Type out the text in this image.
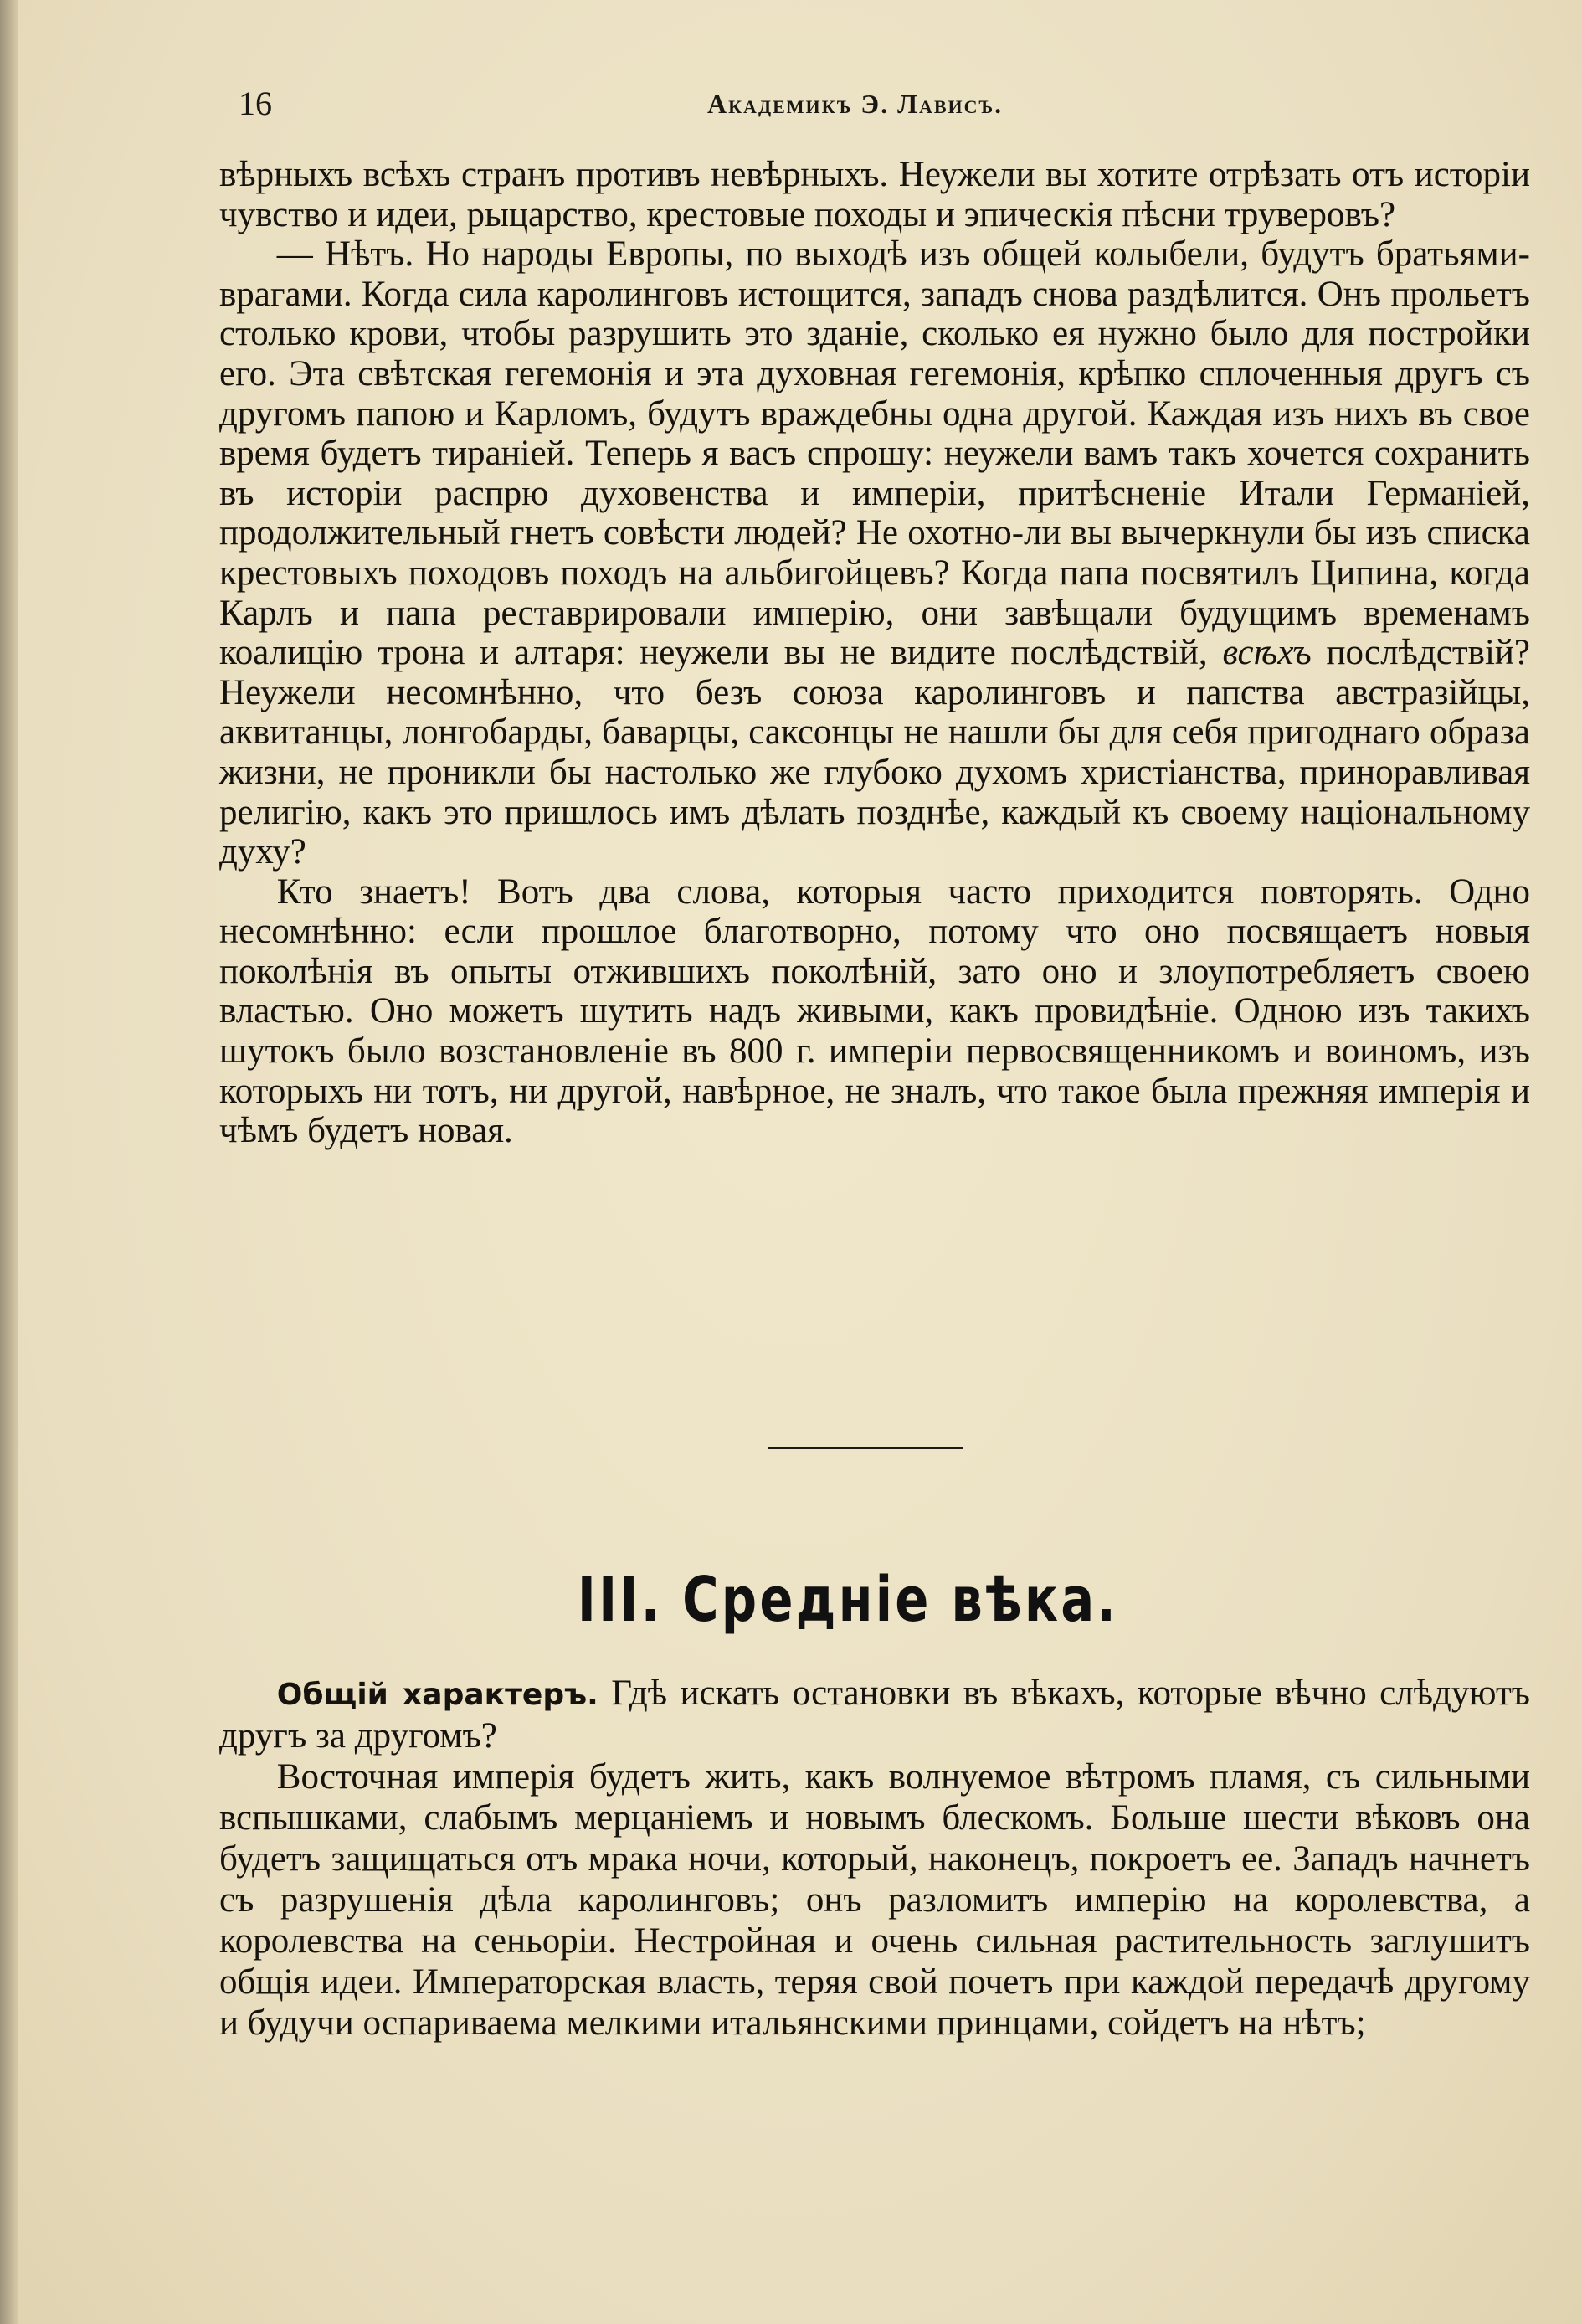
16	Академикъ Э. Лависъ.

вѣрныхъ всѣхъ странъ противъ невѣрныхъ. Неужели вы хотите отрѣзать отъ исторіи чувство и идеи, рыцарство, крестовые походы и эпическія пѣсни труверовъ?

— Нѣтъ. Но народы Европы, по выходѣ изъ общей колыбели, будутъ братьями-врагами. Когда сила каролинговъ истощится, западъ снова раздѣлится. Онъ прольетъ столько крови, чтобы разрушить это зданіе, сколько ея нужно было для постройки его. Эта свѣтская гегемонія и эта духовная гегемонія, крѣпко сплоченныя другъ съ другомъ папою и Карломъ, будутъ враждебны одна другой. Каждая изъ нихъ въ свое время будетъ тираніей. Теперь я васъ спрошу: неужели вамъ такъ хочется сохранить въ исторіи распрю духовенства и имперіи, притѣсненіе Итали Германіей, продолжительный гнетъ совѣсти людей? Не охотно-ли вы вычеркнули бы изъ списка крестовыхъ походовъ походъ на альбигойцевъ? Когда папа посвятилъ Ципина, когда Карлъ и папа реставрировали имперію, они завѣщали будущимъ временамъ коалицію трона и алтаря: неужели вы не видите послѣдствій, всѣхъ послѣдствій? Неужели несомнѣнно, что безъ союза каролинговъ и папства австразійцы, аквитанцы, лонгобарды, баварцы, саксонцы не нашли бы для себя пригоднаго образа жизни, не проникли бы настолько же глубоко духомъ христіанства, приноравливая религію, какъ это пришлось имъ дѣлать позднѣе, каждый къ своему національному духу?

Кто знаетъ! Вотъ два слова, которыя часто приходится повторять. Одно несомнѣнно: если прошлое благотворно, потому что оно посвящаетъ новыя поколѣнія въ опыты отжившихъ поколѣній, зато оно и злоупотребляетъ своею властью. Оно можетъ шутить надъ живыми, какъ провидѣніе. Одною изъ такихъ шутокъ было возстановленіе въ 800 г. имперіи первосвященникомъ и воиномъ, изъ которыхъ ни тотъ, ни другой, навѣрное, не зналъ, что такое была прежняя имперія и чѣмъ будетъ новая.

III. Средніе вѣка.

Общій характеръ. Гдѣ искать остановки въ вѣкахъ, которые вѣчно слѣдуютъ другъ за другомъ?

Восточная имперія будетъ жить, какъ волнуемое вѣтромъ пламя, съ сильными вспышками, слабымъ мерцаніемъ и новымъ блескомъ. Больше шести вѣковъ она будетъ защищаться отъ мрака ночи, который, наконецъ, покроетъ ее. Западъ начнетъ съ разрушенія дѣла каролинговъ; онъ разломитъ имперію на королевства, а королевства на сеньоріи. Нестройная и очень сильная растительность заглушитъ общія идеи. Императорская власть, теряя свой почетъ при каждой передачѣ другому и будучи оспариваема мелкими итальянскими принцами, сойдетъ на нѣтъ;
